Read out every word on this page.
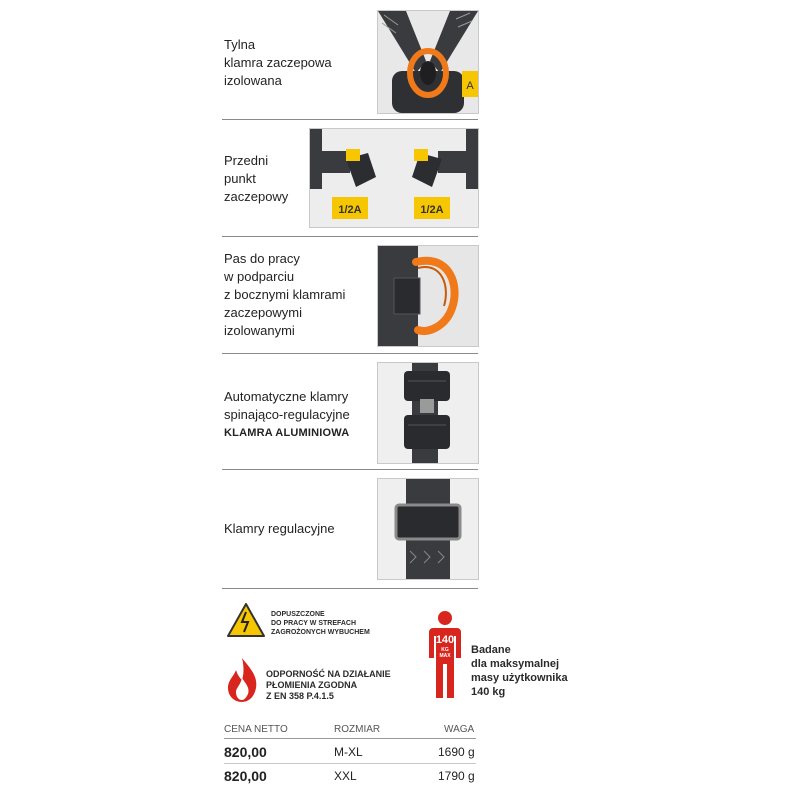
Tylna
klamra zaczepowa
izolowana	A
Przedni
punkt
zaczepowy
1/2A	1/2A
Pas do pracy
w podparciu
z bocznymi klamrami
zaczepowymi
izolowanymi
Automatyczne klamry
spinająco-regulacyjne
KLAMRA ALUMINIOWA
Klamry regulacyjne
DOPUSZCZONE
DO PRACY W STREFACH
ZAGROŻONYCH WYBUCHEM
ODPORNOŚĆ NA DZIAŁANIE
PŁOMIENIA ZGODNA
Z EN 358 P.4.1.5
140
KG
MAX Badane
dla maksymalnej
masy użytkownika
140 kg
CENA NETTO	ROZMIAR	WAGA
820,00	M-XL	1690 g
820,00	XXL	1790 g
